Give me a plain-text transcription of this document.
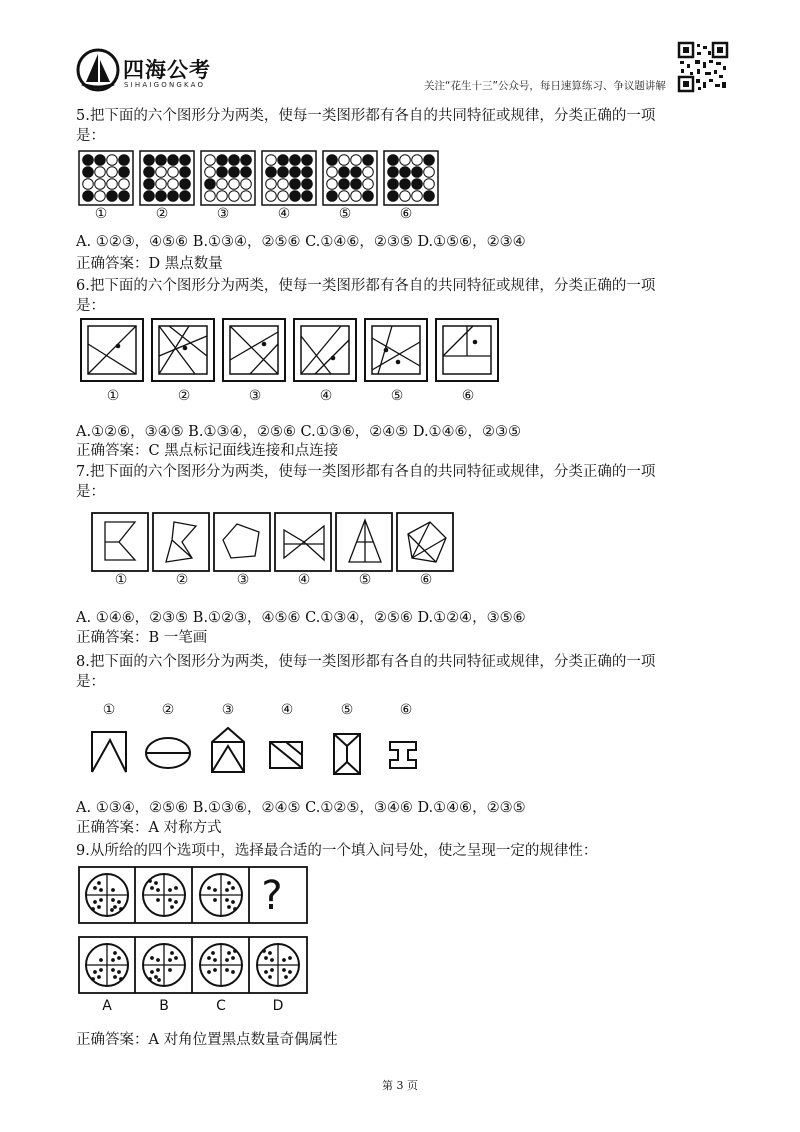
四海公考
SIHAIGONGKAO	关注“花生十三”公众号，每日速算练习、争议题讲解
5.把下面的六个图形分为两类，使每一类图形都有各自的共同特征或规律，分类正确的一项
是：
①	②	③	④	⑤	⑥
A. ①②③，④⑤⑥ B.①③④，②⑤⑥ C.①④⑥，②③⑤ D.①⑤⑥，②③④
正确答案：D 黑点数量
6.把下面的六个图形分为两类，使每一类图形都有各自的共同特征或规律，分类正确的一项
是：
①	②	③	④	⑤	⑥
A.①②⑥，③④⑤ B.①③④，②⑤⑥ C.①③⑥，②④⑤ D.①④⑥，②③⑤
正确答案：C 黑点标记面线连接和点连接
7.把下面的六个图形分为两类，使每一类图形都有各自的共同特征或规律，分类正确的一项
是：
①	②	③	④	⑤	⑥
A. ①④⑥，②③⑤ B.①②③，④⑤⑥ C.①③④，②⑤⑥ D.①②④，③⑤⑥
正确答案：B 一笔画
8.把下面的六个图形分为两类，使每一类图形都有各自的共同特征或规律，分类正确的一项
是：
①	②	③	④	⑤	⑥
A. ①③④，②⑤⑥ B.①③⑥，②④⑤ C.①②⑤，③④⑥ D.①④⑥，②③⑤
正确答案：A 对称方式
9.从所给的四个选项中，选择最合适的一个填入问号处，使之呈现一定的规律性：
?
A	B	C	D
正确答案：A 对角位置黑点数量奇偶属性
第 3 页
